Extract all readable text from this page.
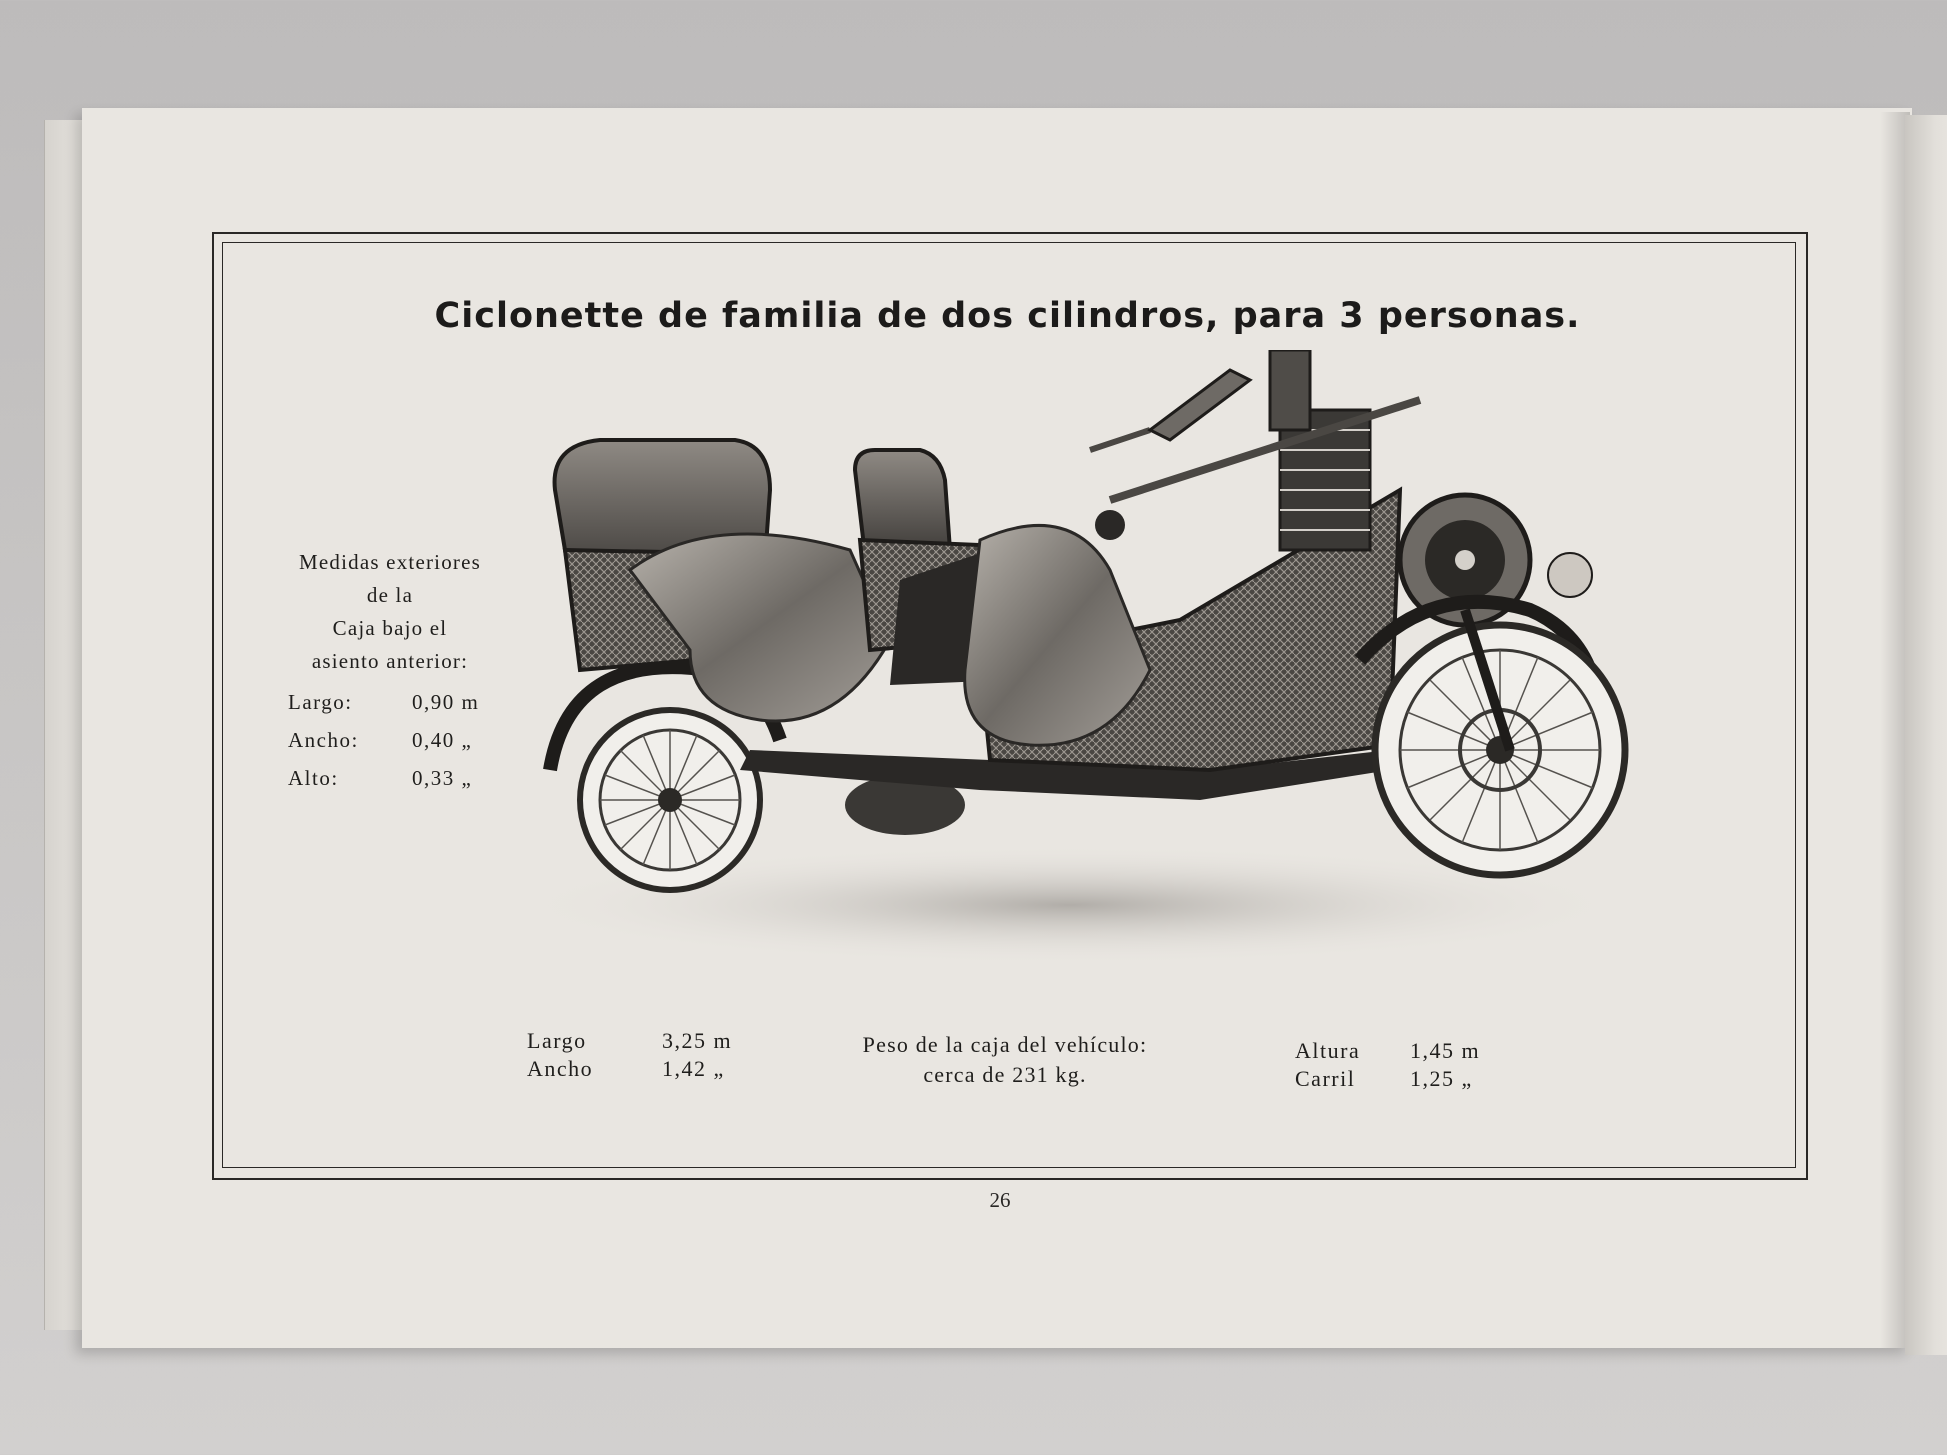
Ciclonette de familia de dos cilindros, para 3 personas.
Medidas exteriores
de la
Caja bajo el
asiento anterior:
Largo:	0,90 m
Ancho:	0,40 „
Alto:	0,33 „
Largo	3,25 m
Ancho	1,42 „
Peso de la caja del vehículo:
cerca de 231 kg.
Altura 1,45 m
Carril 1,25 „
26
